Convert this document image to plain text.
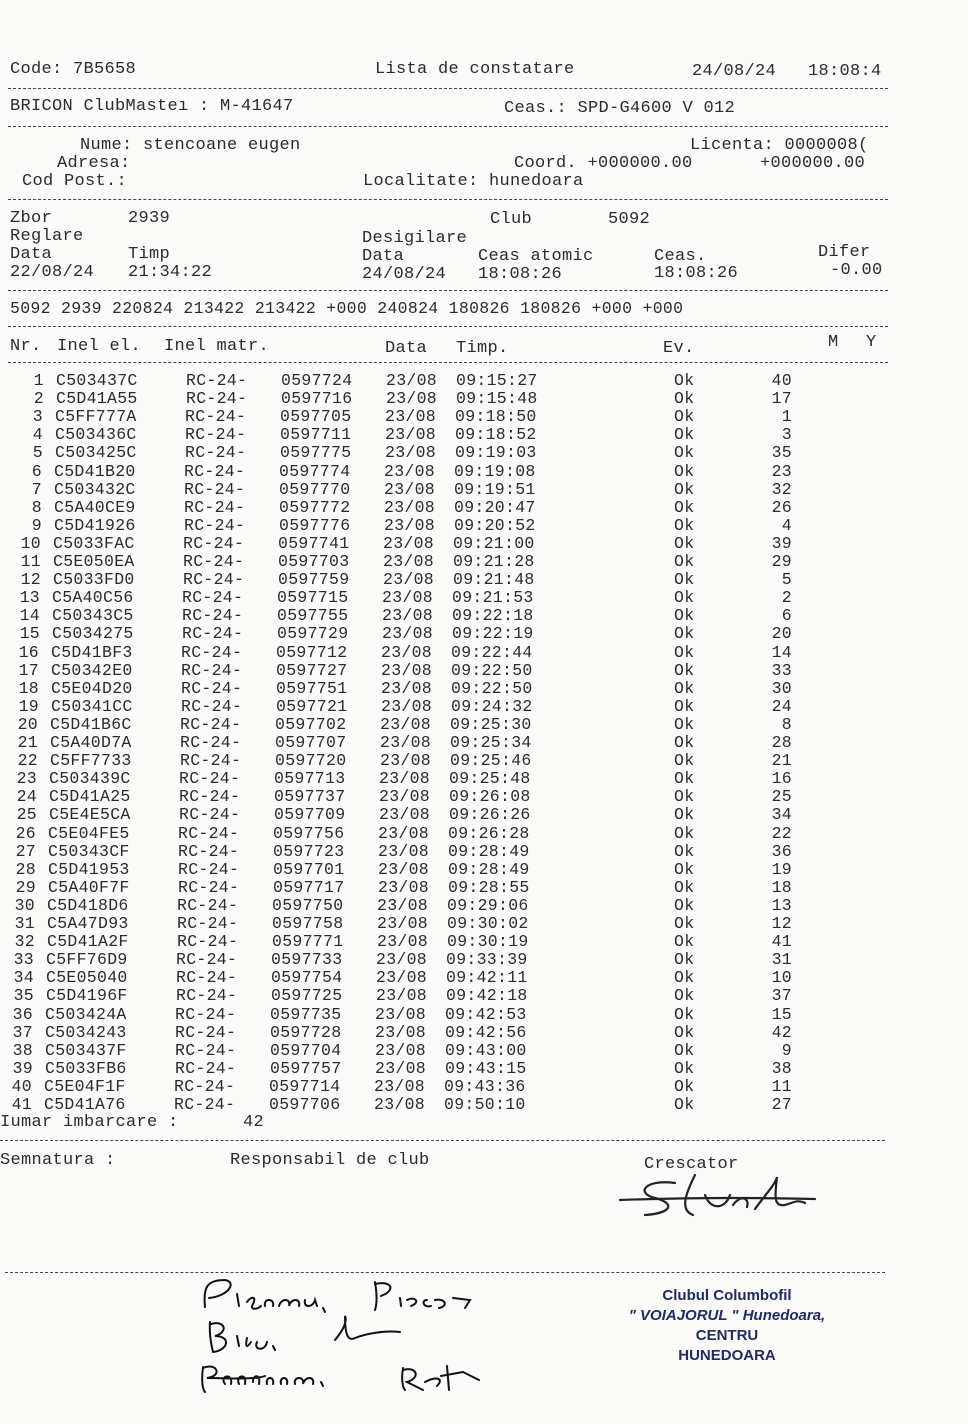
Code: 7B5658	Lista de constatare	24/08/24 18:08:4
BRICON ClubMasteı : M-41647	Ceas.: SPD-G4600 V 012
Nume: stencoane eugen	Licenta: 0000008(
Adresa:	Coord. +000000.00	+000000.00
Cod Post.:	Localitate: hunedoara
Zbor	2939	Club	5092
Reglare	Desigilare
Data	Timp	Data	Ceas atomic	Ceas.	Difer
22/08/24 21:34:22	24/08/24 18:08:26	18:08:26	-0.00
5092 2939 220824 213422 213422 +000 240824 180826 180826 +000 +000
Nr. Inel el. Inel matr.	Data Timp.	Ev.	M Y
1 C503437C	RC-24- 0597724 23/08 09:15:27	Ok	40
2 C5D41A55	RC-24- 0597716 23/08 09:15:48	Ok	17
3 C5FF777A	RC-24- 0597705 23/08 09:18:50	Ok	1
4 C503436C	RC-24- 0597711 23/08 09:18:52	Ok	3
5 C503425C	RC-24- 0597775 23/08 09:19:03	Ok	35
6 C5D41B20	RC-24- 0597774 23/08 09:19:08	Ok	23
7 C503432C	RC-24- 0597770 23/08 09:19:51	Ok	32
8 C5A40CE9	RC-24- 0597772 23/08 09:20:47	Ok	26
9 C5D41926	RC-24- 0597776 23/08 09:20:52	Ok	4
10 C5033FAC	RC-24- 0597741 23/08 09:21:00	Ok	39
11 C5E050EA	RC-24- 0597703 23/08 09:21:28	Ok	29
12 C5033FD0	RC-24- 0597759 23/08 09:21:48	Ok	5
13 C5A40C56	RC-24- 0597715 23/08 09:21:53	Ok	2
14 C50343C5	RC-24- 0597755 23/08 09:22:18	Ok	6
15 C5034275	RC-24- 0597729 23/08 09:22:19	Ok	20
16 C5D41BF3	RC-24- 0597712 23/08 09:22:44	Ok	14
17 C50342E0	RC-24- 0597727 23/08 09:22:50	Ok	33
18 C5E04D20	RC-24- 0597751 23/08 09:22:50	Ok	30
19 C50341CC	RC-24- 0597721 23/08 09:24:32	Ok	24
20 C5D41B6C	RC-24- 0597702 23/08 09:25:30	Ok	8
21 C5A40D7A	RC-24- 0597707 23/08 09:25:34	Ok	28
22 C5FF7733	RC-24- 0597720 23/08 09:25:46	Ok	21
23 C503439C	RC-24- 0597713 23/08 09:25:48	Ok	16
24 C5D41A25	RC-24- 0597737 23/08 09:26:08	Ok	25
25 C5E4E5CA	RC-24- 0597709 23/08 09:26:26	Ok	34
26 C5E04FE5	RC-24- 0597756 23/08 09:26:28	Ok	22
27 C50343CF	RC-24- 0597723 23/08 09:28:49	Ok	36
28 C5D41953	RC-24- 0597701 23/08 09:28:49	Ok	19
29 C5A40F7F	RC-24- 0597717 23/08 09:28:55	Ok	18
30 C5D418D6	RC-24- 0597750 23/08 09:29:06	Ok	13
31 C5A47D93	RC-24- 0597758 23/08 09:30:02	Ok	12
32 C5D41A2F	RC-24- 0597771 23/08 09:30:19	Ok	41
33 C5FF76D9	RC-24- 0597733 23/08 09:33:39	Ok	31
34 C5E05040	RC-24- 0597754 23/08 09:42:11	Ok	10
35 C5D4196F	RC-24- 0597725 23/08 09:42:18	Ok	37
36 C503424A	RC-24- 0597735 23/08 09:42:53	Ok	15
37 C5034243	RC-24- 0597728 23/08 09:42:56	Ok	42
38 C503437F	RC-24- 0597704 23/08 09:43:00	Ok	9
39 C5033FB6	RC-24- 0597757 23/08 09:43:15	Ok	38
40 C5E04F1F	RC-24- 0597714 23/08 09:43:36	Ok	11
41 C5D41A76	RC-24- 0597706 23/08 09:50:10	Ok	27
Iumar imbarcare :	42
Semnatura :	Responsabil de club	Crescator
Clubul Columbofil
" VOIAJORUL " Hunedoara,
CENTRU
HUNEDOARA
